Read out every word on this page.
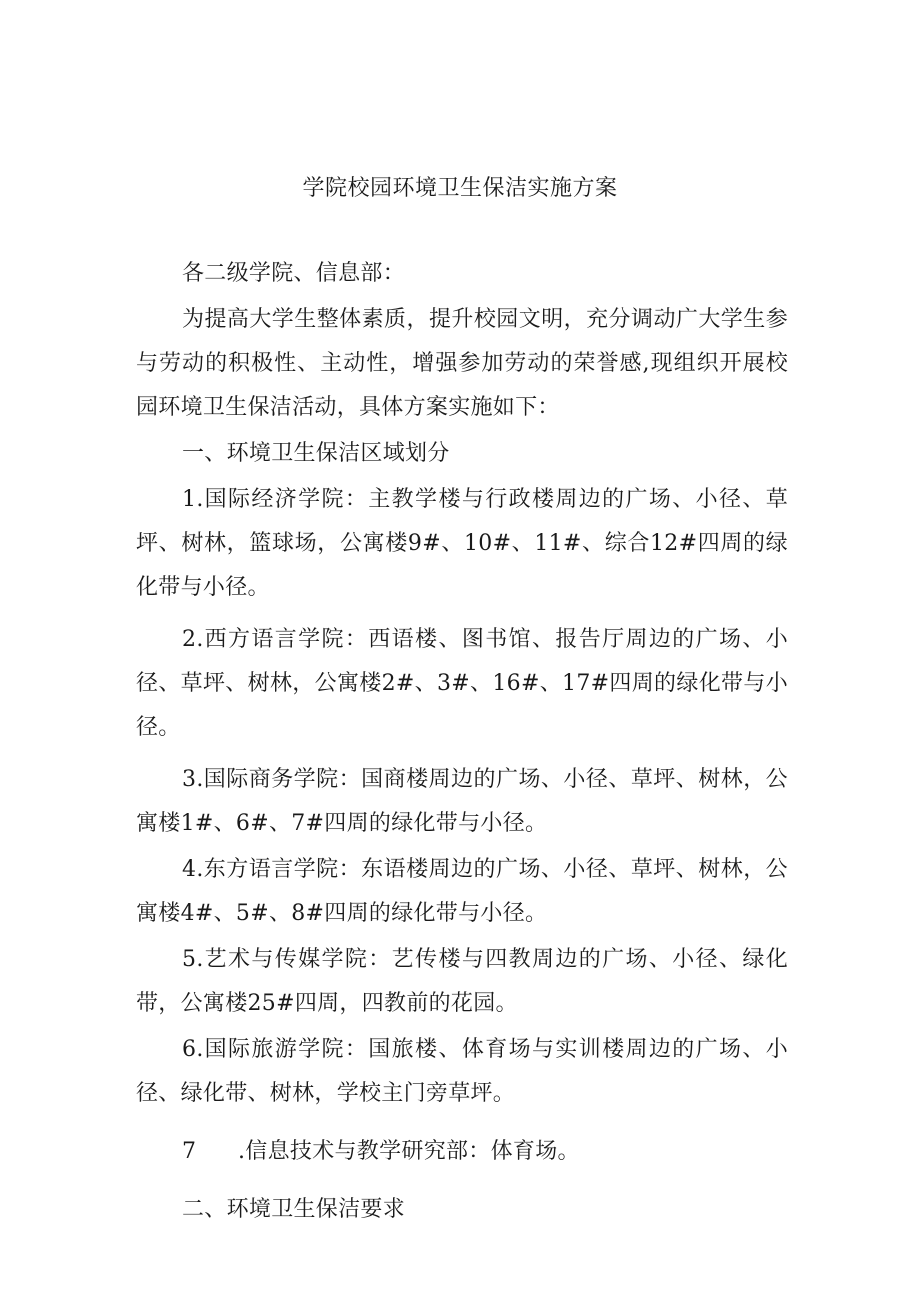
学院校园环境卫生保洁实施方案

各二级学院、信息部：

为提高大学生整体素质，提升校园文明，充分调动广大学生参与劳动的积极性、主动性，增强参加劳动的荣誉感,现组织开展校园环境卫生保洁活动，具体方案实施如下：

一、环境卫生保洁区域划分

1.国际经济学院：主教学楼与行政楼周边的广场、小径、草坪、树林，篮球场，公寓楼9#、10#、11#、综合12#四周的绿化带与小径。

2.西方语言学院：西语楼、图书馆、报告厅周边的广场、小径、草坪、树林，公寓楼2#、3#、16#、17#四周的绿化带与小径。

3.国际商务学院：国商楼周边的广场、小径、草坪、树林，公寓楼1#、6#、7#四周的绿化带与小径。

4.东方语言学院：东语楼周边的广场、小径、草坪、树林，公寓楼4#、5#、8#四周的绿化带与小径。

5.艺术与传媒学院：艺传楼与四教周边的广场、小径、绿化带，公寓楼25#四周，四教前的花园。

6.国际旅游学院：国旅楼、体育场与实训楼周边的广场、小径、绿化带、树林，学校主门旁草坪。

7 .信息技术与教学研究部：体育场。

二、环境卫生保洁要求
